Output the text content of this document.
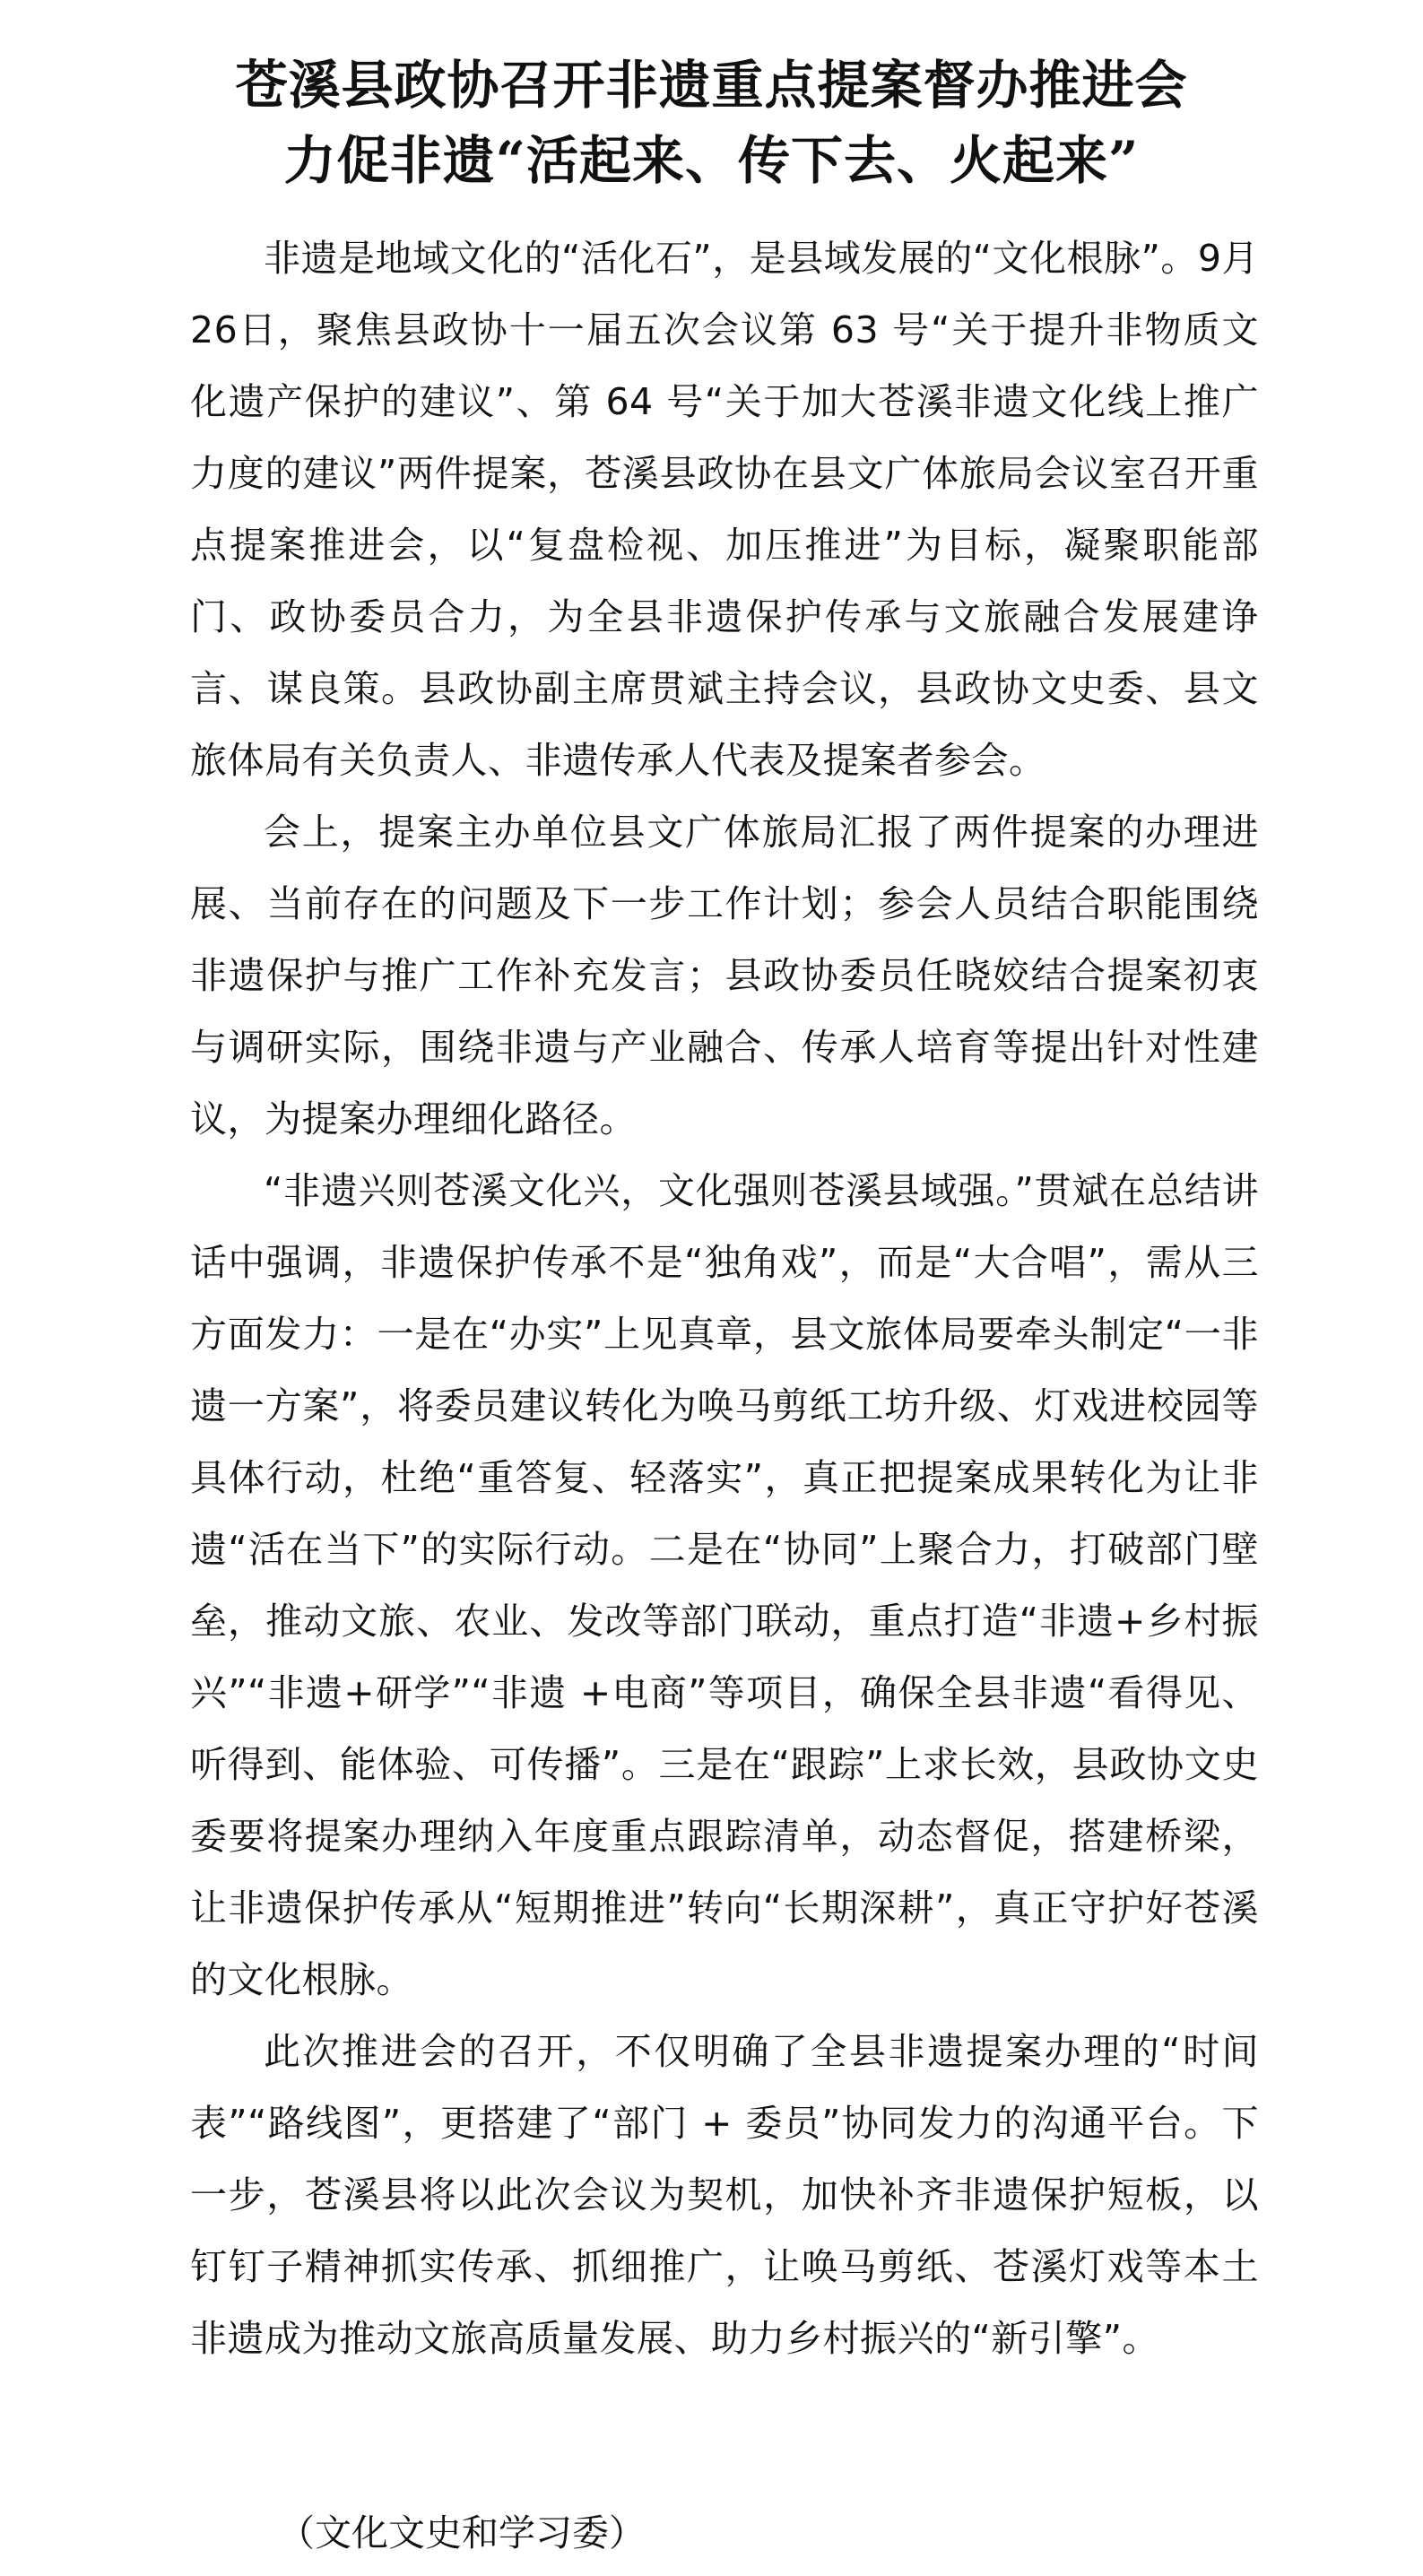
苍溪县政协召开非遗重点提案督办推进会
力促非遗“活起来、传下去、火起来”

非遗是地域文化的“活化石”，是县域发展的“文化根脉”。9月26日，聚焦县政协十一届五次会议第 63 号“关于提升非物质文化遗产保护的建议”、第 64 号“关于加大苍溪非遗文化线上推广力度的建议”两件提案，苍溪县政协在县文广体旅局会议室召开重点提案推进会，以“复盘检视、加压推进”为目标，凝聚职能部门、政协委员合力，为全县非遗保护传承与文旅融合发展建诤言、谋良策。县政协副主席贯斌主持会议，县政协文史委、县文旅体局有关负责人、非遗传承人代表及提案者参会。

会上，提案主办单位县文广体旅局汇报了两件提案的办理进展、当前存在的问题及下一步工作计划；参会人员结合职能围绕非遗保护与推广工作补充发言；县政协委员任晓姣结合提案初衷与调研实际，围绕非遗与产业融合、传承人培育等提出针对性建议，为提案办理细化路径。

“非遗兴则苍溪文化兴，文化强则苍溪县域强。”贯斌在总结讲话中强调，非遗保护传承不是“独角戏”，而是“大合唱”，需从三方面发力：一是在“办实”上见真章，县文旅体局要牵头制定“一非遗一方案”，将委员建议转化为唤马剪纸工坊升级、灯戏进校园等具体行动，杜绝“重答复、轻落实”，真正把提案成果转化为让非遗“活在当下”的实际行动。二是在“协同”上聚合力，打破部门壁垒，推动文旅、农业、发改等部门联动，重点打造“非遗+乡村振兴”“非遗+研学”“非遗 +电商”等项目，确保全县非遗“看得见、听得到、能体验、可传播”。三是在“跟踪”上求长效，县政协文史委要将提案办理纳入年度重点跟踪清单，动态督促，搭建桥梁，让非遗保护传承从“短期推进”转向“长期深耕”，真正守护好苍溪的文化根脉。

此次推进会的召开，不仅明确了全县非遗提案办理的“时间表”“路线图”，更搭建了“部门 + 委员”协同发力的沟通平台。下一步，苍溪县将以此次会议为契机，加快补齐非遗保护短板，以钉钉子精神抓实传承、抓细推广，让唤马剪纸、苍溪灯戏等本土非遗成为推动文旅高质量发展、助力乡村振兴的“新引擎”。

（文化文史和学习委）
